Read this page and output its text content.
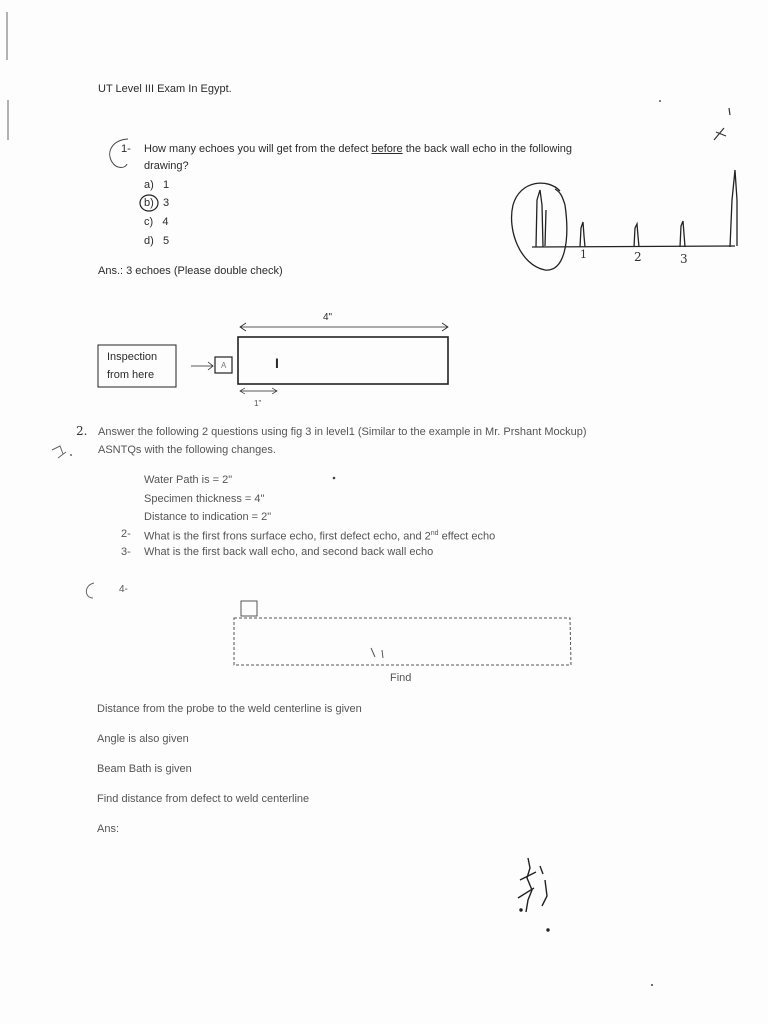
UT Level III Exam In Egypt.
1- How many echoes you will get from the defect before the back wall echo in the following
drawing?
a) 1
b) 3
c) 4
d) 5
Ans.: 3 echoes (Please double check)
1	2	3
4"
Inspection
from here
A	I
1"
2. Answer the following 2 questions using fig 3 in level1 (Similar to the example in Mr. Prshant Mockup)
ASNTQs with the following changes.
Water Path is = 2"
Specimen thickness = 4"
Distance to indication = 2"
2- What is the first frons surface echo, first defect echo, and 2nd effect echo
3- What is the first back wall echo, and second back wall echo
4-
Find
Distance from the probe to the weld centerline is given
Angle is also given
Beam Bath is given
Find distance from defect to weld centerline
Ans:
